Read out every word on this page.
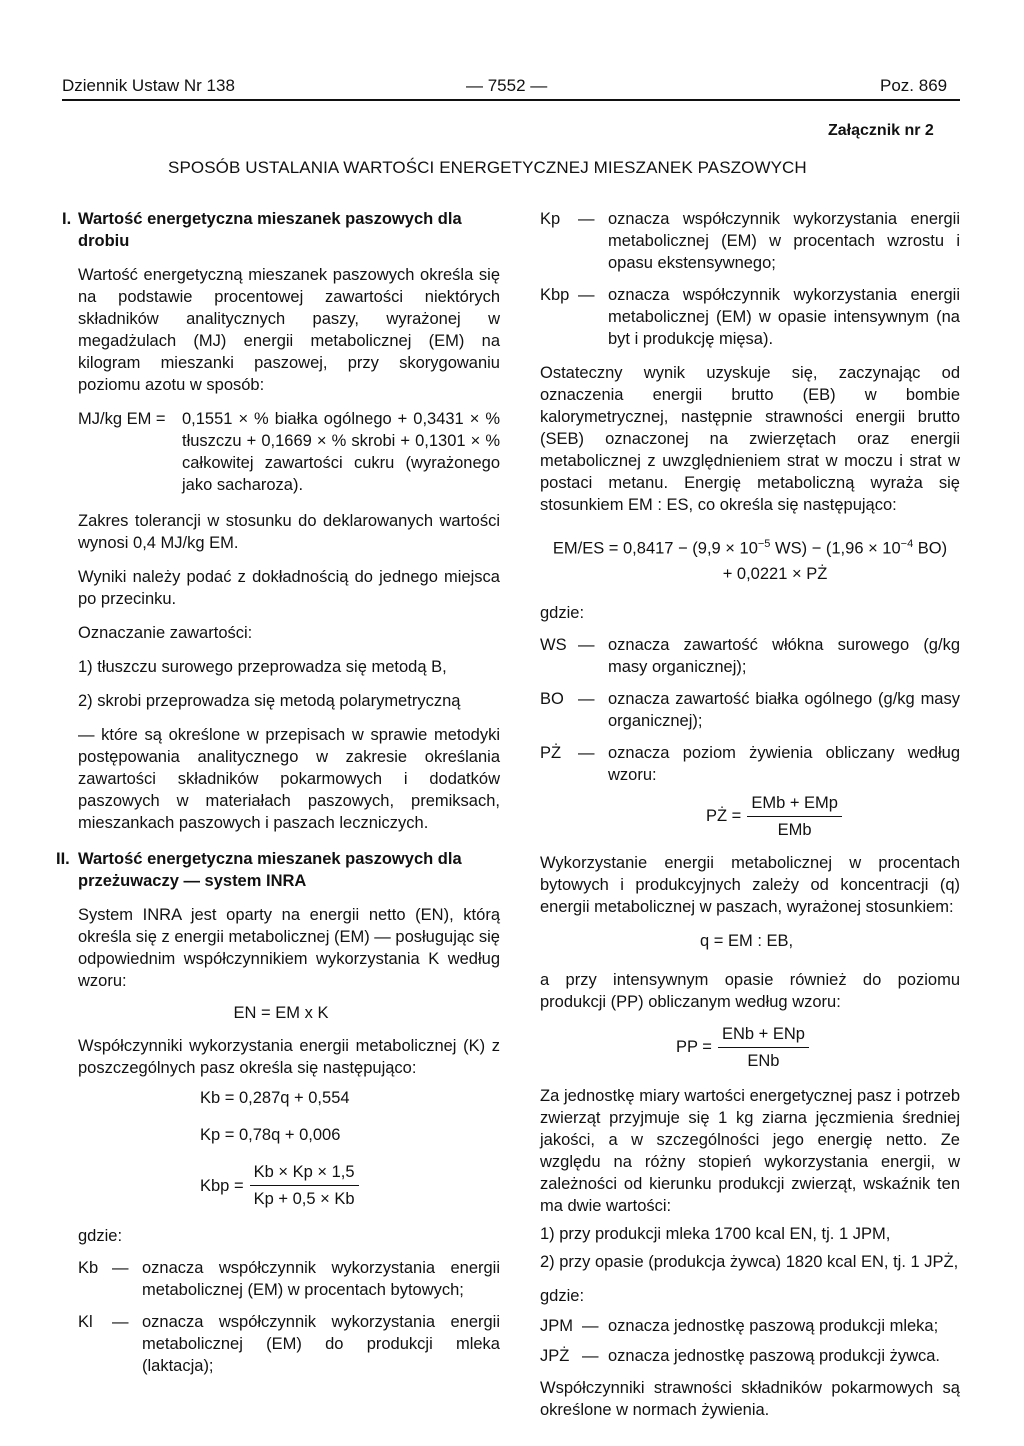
Dziennik Ustaw Nr 138	— 7552 —	Poz. 869
Załącznik nr 2
SPOSÓB USTALANIA WARTOŚCI ENERGETYCZNEJ MIESZANEK PASZOWYCH
I. Wartość energetyczna mieszanek paszowych dla
drobiu
Wartość energetyczną mieszanek paszowych określa się na podstawie procentowej zawartości niektórych składników analitycznych paszy, wyrażonej w megadżulach (MJ) energii metabolicznej (EM) na kilogram mieszanki paszowej, przy skorygowaniu poziomu azotu w sposób:
MJ/kg EM = 0,1551 × % białka ogólnego + 0,3431 × % tłuszczu + 0,1669 × % skrobi + 0,1301 × % całkowitej zawartości cukru (wyrażonego jako sacharoza).
Zakres tolerancji w stosunku do deklarowanych wartości wynosi 0,4 MJ/kg EM.
Wyniki należy podać z dokładnością do jednego miejsca po przecinku.
Oznaczanie zawartości:
1) tłuszczu surowego przeprowadza się metodą B,
2) skrobi przeprowadza się metodą polarymetryczną
— które są określone w przepisach w sprawie metodyki postępowania analitycznego w zakresie określania zawartości składników pokarmowych i dodatków paszowych w materiałach paszowych, premiksach, mieszankach paszowych i paszach leczniczych.
II. Wartość energetyczna mieszanek paszowych dla
przeżuwaczy — system INRA
System INRA jest oparty na energii netto (EN), którą określa się z energii metabolicznej (EM) — posługując się odpowiednim współczynnikiem wykorzystania K według wzoru:
EN = EM x K
Współczynniki wykorzystania energii metabolicznej (K) z poszczególnych pasz określa się następująco:
Kb = 0,287q + 0,554
Kp = 0,78q + 0,006
Kbp = $\frac{Kb \times Kp \times 1,5}{Kp + 0,5 \times Kb}$
gdzie:
Kb — oznacza współczynnik wykorzystania energii metabolicznej (EM) w procentach bytowych;
Kl	— oznacza współczynnik wykorzystania energii metabolicznej (EM) do produkcji mleka (laktacja);
Kp	— oznacza współczynnik wykorzystania energii metabolicznej (EM) w procentach wzrostu i opasu ekstensywnego;
Kbp — oznacza współczynnik wykorzystania energii metabolicznej (EM) w opasie intensywnym (na byt i produkcję mięsa).
Ostateczny wynik uzyskuje się, zaczynając od oznaczenia energii brutto (EB) w bombie kalorymetrycznej, następnie strawności energii brutto (SEB) oznaczonej na zwierzętach oraz energii metabolicznej z uwzględnieniem strat w moczu i strat w postaci metanu. Energię metaboliczną wyraża się stosunkiem EM : ES, co określa się następująco:
$EM/ES = 0,8417 - (9,9 \times 10^{-5}$ $WS) - (1,96 \times 10^{-4}$ BO)
+ 0,0221 × PŻ
gdzie:
WS — oznacza zawartość włókna surowego (g/kg masy organicznej);
BO — oznacza zawartość białka ogólnego (g/kg masy organicznej);
PŻ	— oznacza poziom żywienia obliczany według wzoru:
PŻ = $\frac{\text{EMb + EMp}}{\text{EMb}}$
Wykorzystanie energii metabolicznej w procentach bytowych i produkcyjnych zależy od koncentracji (q) energii metabolicznej w paszach, wyrażonej stosunkiem:
q = EM : EB,
a przy intensywnym opasie również do poziomu produkcji (PP) obliczanym według wzoru:
PP = $\frac{\text{ENb + ENp}}{\text{ENb}}$
Za jednostkę miary wartości energetycznej pasz i potrzeb zwierząt przyjmuje się 1 kg ziarna jęczmienia średniej jakości, a w szczególności jego energię netto. Ze względu na różny stopień wykorzystania energii, w zależności od kierunku produkcji zwierząt, wskaźnik ten ma dwie wartości:
1) przy produkcji mleka 1700 kcal EN, tj. 1 JPM,
2) przy opasie (produkcja żywca) 1820 kcal EN, tj. 1 JPŻ,
gdzie:
JPM — oznacza jednostkę paszową produkcji mleka;
JPŻ — oznacza jednostkę paszową produkcji żywca.
Współczynniki strawności składników pokarmowych są określone w normach żywienia.
